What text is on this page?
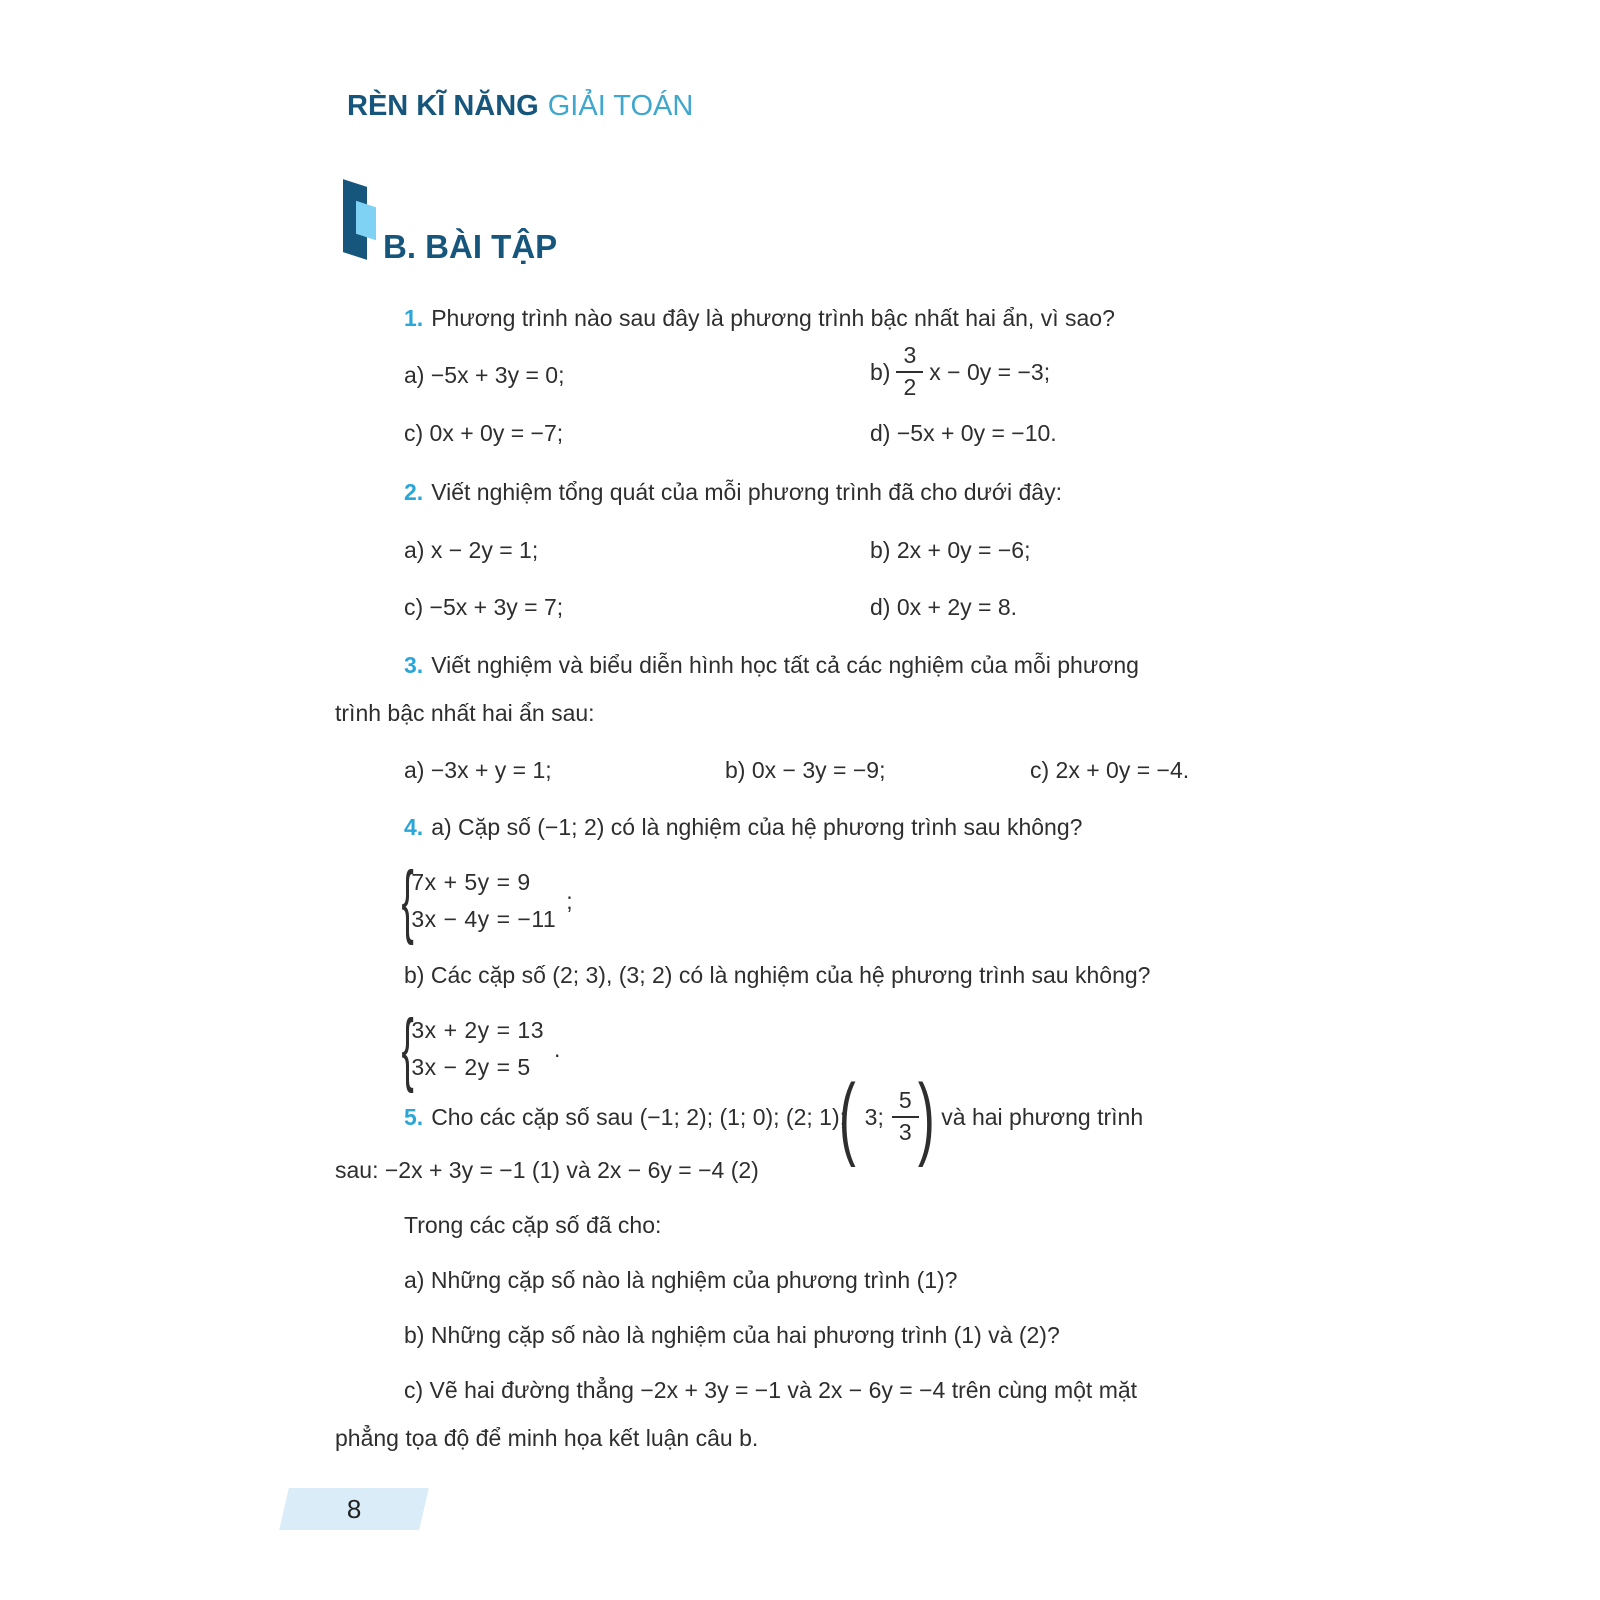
RÈN KĨ NĂNG GIẢI TOÁN
B. BÀI TẬP
1. Phương trình nào sau đây là phương trình bậc nhất hai ẩn, vì sao?
a) −5x + 3y = 0;	$b) \frac{3}{2}$ x − 0y = −3;
c) 0x + 0y = −7;	d) −5x + 0y = −10.
2. Viết nghiệm tổng quát của mỗi phương trình đã cho dưới đây:
a) x − 2y = 1;	b) 2x + 0y = −6;
c) −5x + 3y = 7;	d) 0x + 2y = 8.
3. Viết nghiệm và biểu diễn hình học tất cả các nghiệm của mỗi phương
trình bậc nhất hai ẩn sau:
a) −3x + y = 1;	b) 0x − 3y = −9;	c) 2x + 0y = −4.
4. a) Cặp số (−1; 2) có là nghiệm của hệ phương trình sau không?
{
7x + 5y = 9
3x − 4y = −11
;
b) Các cặp số (2; 3), (3; 2) có là nghiệm của hệ phương trình sau không?
{
3x + 2y = 13
3x − 2y = 5
.
5. Cho các cặp số sau (−1; 2); (1; 0); (2; 1);
( 3; $\frac{5}{3}$
) và hai phương trình
sau: −2x + 3y = −1 (1) và 2x − 6y = −4 (2)
Trong các cặp số đã cho:
a) Những cặp số nào là nghiệm của phương trình (1)?
b) Những cặp số nào là nghiệm của hai phương trình (1) và (2)?
c) Vẽ hai đường thẳng −2x + 3y = −1 và 2x − 6y = −4 trên cùng một mặt
phẳng tọa độ để minh họa kết luận câu b.
8
